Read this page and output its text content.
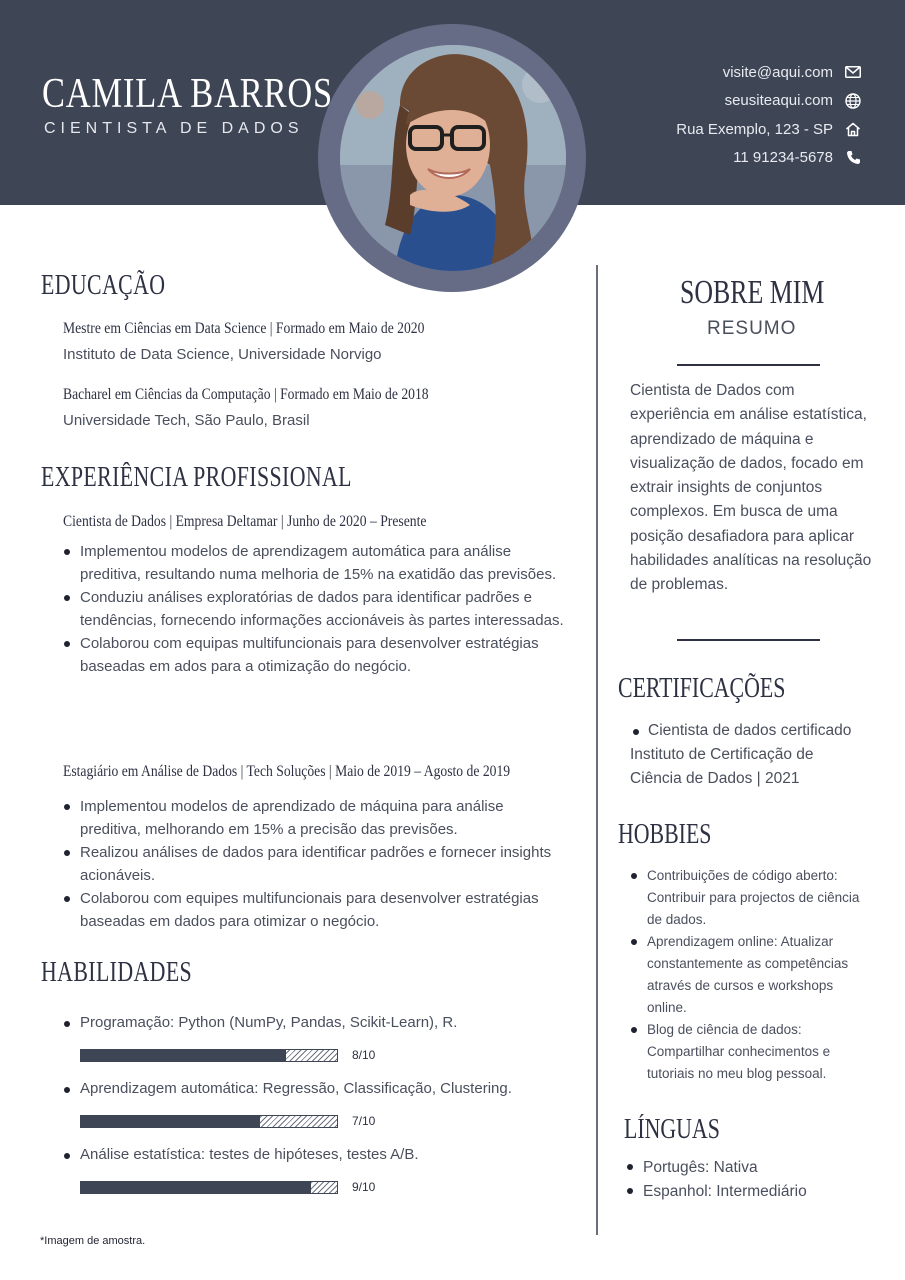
CAMILA BARROS
CIENTISTA DE DADOS
visite@aqui.com
seusiteaqui.com
Rua Exemplo, 123 - SP
11 91234-5678
EDUCAÇÃO
Mestre em Ciências em Data Science | Formado em Maio de 2020
Instituto de Data Science, Universidade Norvigo
Bacharel em Ciências da Computação | Formado em Maio de 2018
Universidade Tech, São Paulo, Brasil
EXPERIÊNCIA PROFISSIONAL
Cientista de Dados | Empresa Deltamar | Junho de 2020 – Presente
Implementou modelos de aprendizagem automática para análise preditiva, resultando numa melhoria de 15% na exatidão das previsões.
Conduziu análises exploratórias de dados para identificar padrões e tendências, fornecendo informações accionáveis às partes interessadas.
Colaborou com equipas multifuncionais para desenvolver estratégias baseadas em ados para a otimização do negócio.
Estagiário em Análise de Dados | Tech Soluções | Maio de 2019 – Agosto de 2019
Implementou modelos de aprendizado de máquina para análise preditiva, melhorando em 15% a precisão das previsões.
Realizou análises de dados para identificar padrões e fornecer insights acionáveis.
Colaborou com equipes multifuncionais para desenvolver estratégias baseadas em dados para otimizar o negócio.
HABILIDADES
Programação: Python (NumPy, Pandas, Scikit-Learn), R.
8/10
Aprendizagem automática: Regressão, Classificação, Clustering.
7/10
Análise estatística: testes de hipóteses, testes A/B.
9/10
*Imagem de amostra.
SOBRE MIM
RESUMO
Cientista de Dados com experiência em análise estatística, aprendizado de máquina e visualização de dados, focado em extrair insights de conjuntos complexos. Em busca de uma posição desafiadora para aplicar habilidades analíticas na resolução de problemas.
CERTIFICAÇÕES
Cientista de dados certificado
Instituto de Certificação de
Ciência de Dados | 2021
HOBBIES
Contribuições de código aberto: Contribuir para projectos de ciência de dados.
Aprendizagem online: Atualizar constantemente as competências através de cursos e workshops online.
Blog de ciência de dados: Compartilhar conhecimentos e tutoriais no meu blog pessoal.
LÍNGUAS
Portugês: Nativa
Espanhol: Intermediário
